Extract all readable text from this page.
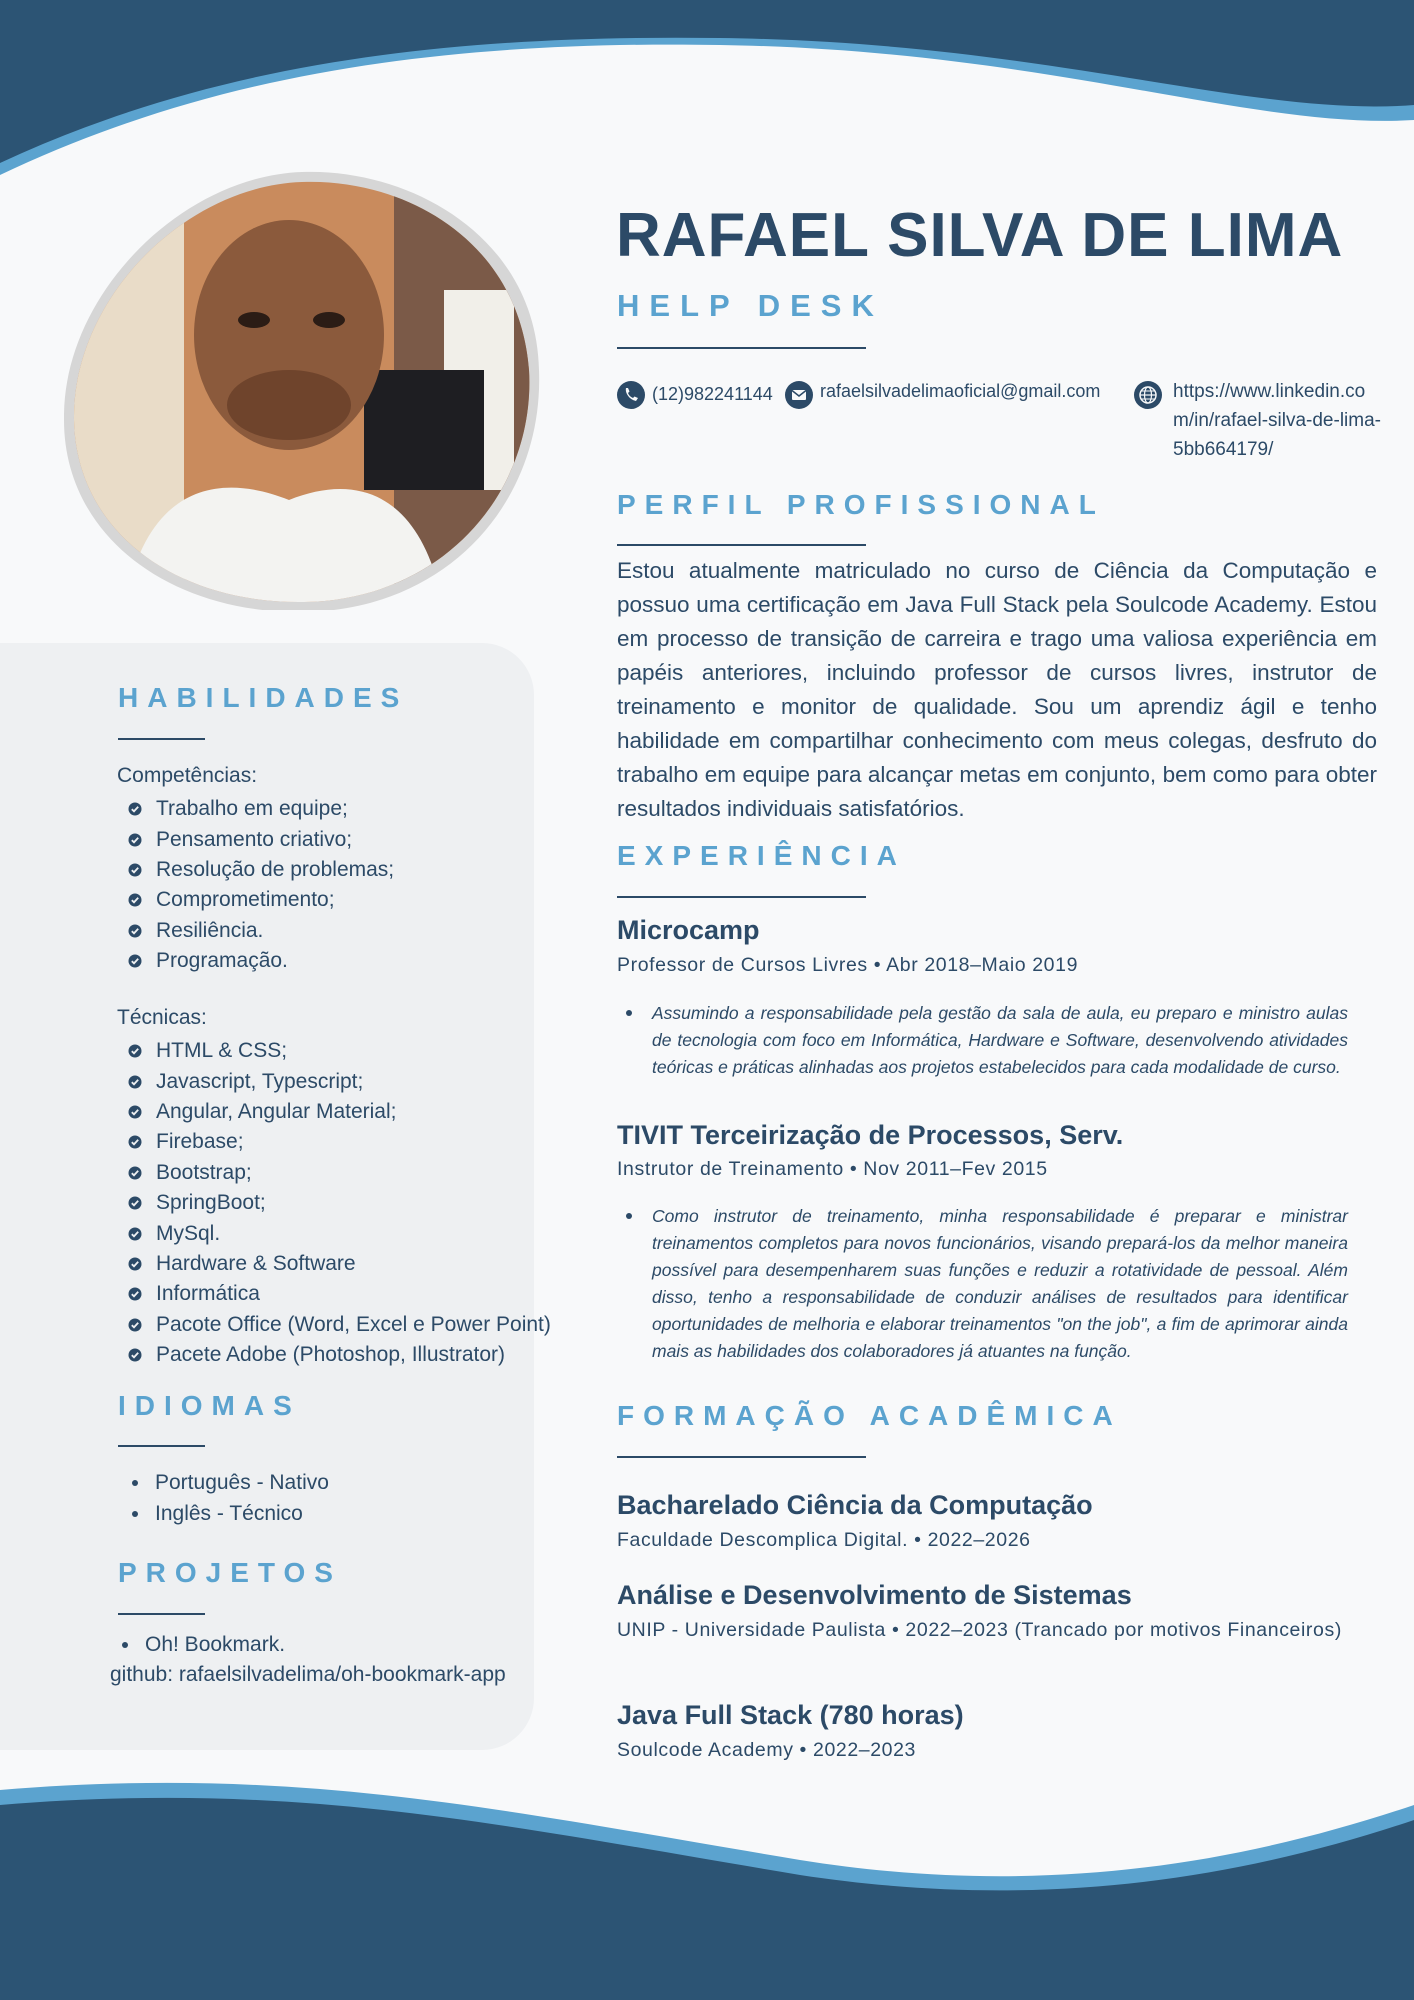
HABILIDADES
Competências:
Trabalho em equipe;
Pensamento criativo;
Resolução de problemas;
Comprometimento;
Resiliência.
Programação.
Técnicas:
HTML & CSS;
Javascript, Typescript;
Angular, Angular Material;
Firebase;
Bootstrap;
SpringBoot;
MySql.
Hardware & Software
Informática
Pacote Office (Word, Excel e Power Point)
Pacete Adobe (Photoshop, Illustrator)
IDIOMAS
Português - Nativo
Inglês - Técnico
PROJETOS
Oh! Bookmark.
github: rafaelsilvadelima/oh-bookmark-app
RAFAEL SILVA DE LIMA
HELP DESK
(12)982241144	rafaelsilvadelimaoficial@gmail.com	https://www.linkedin.co
m/in/rafael-silva-de-lima-
5bb664179/
PERFIL PROFISSIONAL

Estou atualmente matriculado no curso de Ciência da Computação e possuo uma certificação em Java Full Stack pela Soulcode Academy. Estou em processo de transição de carreira e trago uma valiosa experiência em papéis anteriores, incluindo professor de cursos livres, instrutor de treinamento e monitor de qualidade. Sou um aprendiz ágil e tenho habilidade em compartilhar conhecimento com meus colegas, desfruto do trabalho em equipe para alcançar metas em conjunto, bem como para obter resultados individuais satisfatórios.

EXPERIÊNCIA
Microcamp
Professor de Cursos Livres • Abr 2018–Maio 2019
Assumindo a responsabilidade pela gestão da sala de aula, eu preparo e ministro aulas de tecnologia com foco em Informática, Hardware e Software, desenvolvendo atividades teóricas e práticas alinhadas aos projetos estabelecidos para cada modalidade de curso.
TIVIT Terceirização de Processos, Serv.
Instrutor de Treinamento • Nov 2011–Fev 2015
Como instrutor de treinamento, minha responsabilidade é preparar e ministrar treinamentos completos para novos funcionários, visando prepará-los da melhor maneira possível para desempenharem suas funções e reduzir a rotatividade de pessoal. Além disso, tenho a responsabilidade de conduzir análises de resultados para identificar oportunidades de melhoria e elaborar treinamentos "on the job", a fim de aprimorar ainda mais as habilidades dos colaboradores já atuantes na função.
FORMAÇÃO ACADÊMICA
Bacharelado Ciência da Computação
Faculdade Descomplica Digital. • 2022–2026
Análise e Desenvolvimento de Sistemas
UNIP - Universidade Paulista • 2022–2023 (Trancado por motivos Financeiros)
Java Full Stack (780 horas)
Soulcode Academy • 2022–2023
